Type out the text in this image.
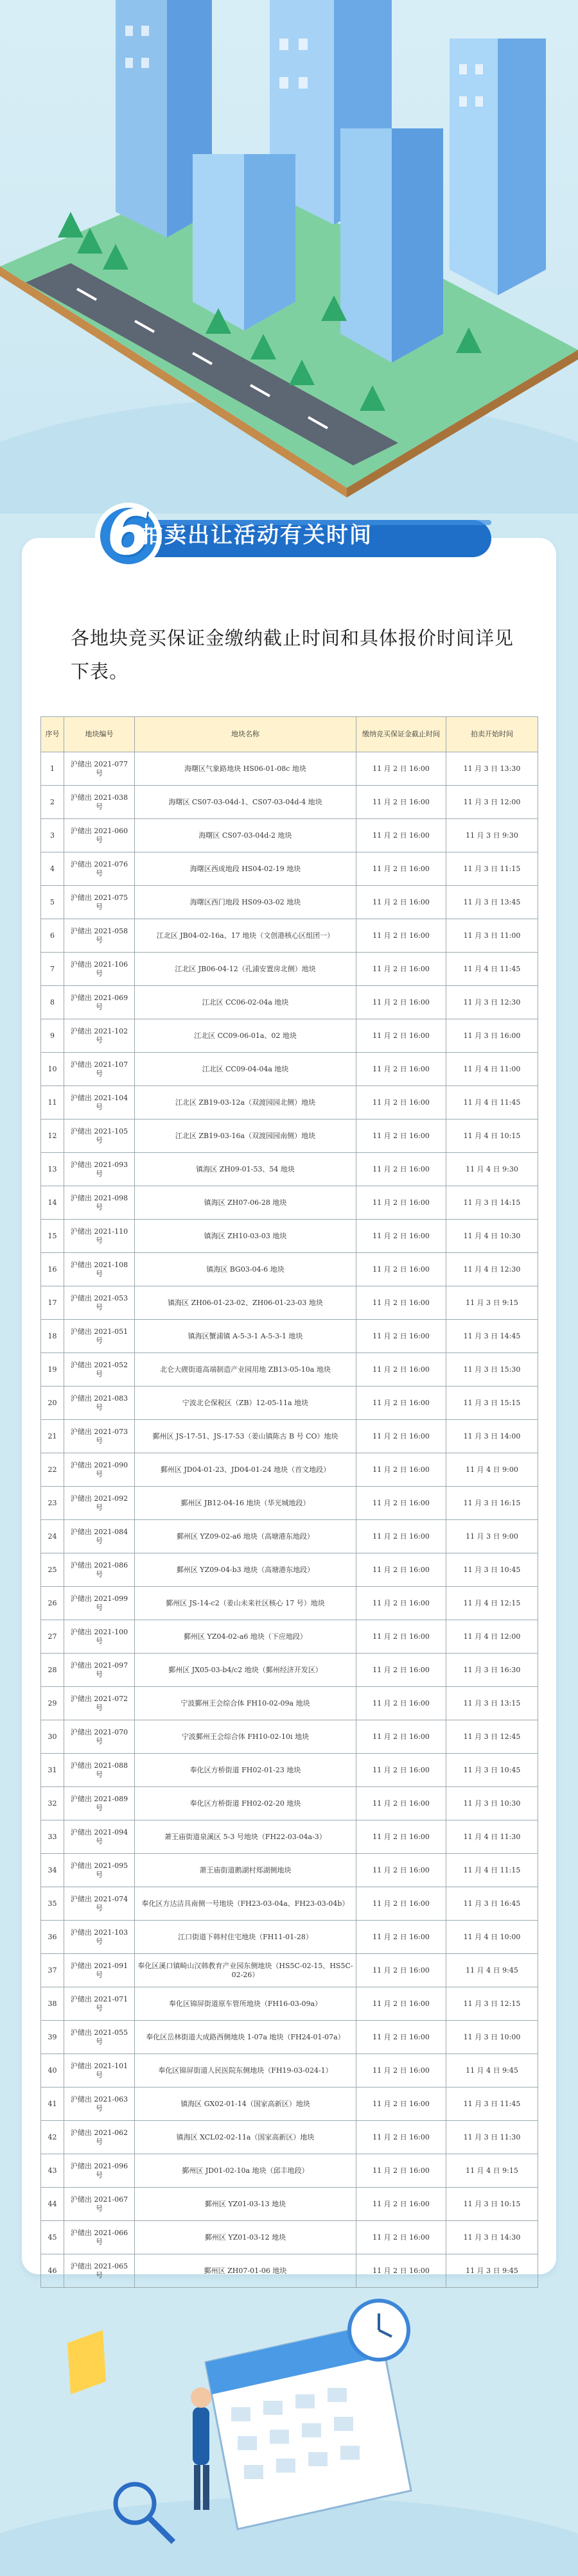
6
拍卖出让活动有关时间
各地块竞买保证金缴纳截止时间和具体报价时间详见下表。
序号	地块编号	地块名称	缴纳竞买保证金截止时间	拍卖开始时间
1	沪储出 2021-077 号	海曙区气象路地块 HS06-01-08c 地块	11 月 2 日 16:00	11 月 3 日 13:30
2	沪储出 2021-038 号	海曙区 CS07-03-04d-1、CS07-03-04d-4 地块	11 月 2 日 16:00	11 月 3 日 12:00
3	沪储出 2021-060 号	海曙区 CS07-03-04d-2 地块	11 月 2 日 16:00	11 月 3 日 9:30
4	沪储出 2021-076 号	海曙区西成地段 HS04-02-19 地块	11 月 2 日 16:00	11 月 3 日 11:15
5	沪储出 2021-075 号	海曙区西门地段 HS09-03-02 地块	11 月 2 日 16:00	11 月 3 日 13:45
6	沪储出 2021-058 号	江北区 JB04-02-16a、17 地块（文创港核心区组团一）	11 月 2 日 16:00	11 月 3 日 11:00
7	沪储出 2021-106 号	江北区 JB06-04-12（孔浦安置房北侧）地块	11 月 2 日 16:00	11 月 4 日 11:45
8	沪储出 2021-069 号	江北区 CC06-02-04a 地块	11 月 2 日 16:00	11 月 3 日 12:30
9	沪储出 2021-102 号	江北区 CC09-06-01a、02 地块	11 月 2 日 16:00	11 月 3 日 16:00
10	沪储出 2021-107 号	江北区 CC09-04-04a 地块	11 月 2 日 16:00	11 月 4 日 11:00
11	沪储出 2021-104 号	江北区 ZB19-03-12a（双渡园园北侧）地块	11 月 2 日 16:00	11 月 4 日 11:45
12	沪储出 2021-105 号	江北区 ZB19-03-16a（双渡园园南侧）地块	11 月 2 日 16:00	11 月 4 日 10:15
13	沪储出 2021-093 号	镇海区 ZH09-01-53、54 地块	11 月 2 日 16:00	11 月 4 日 9:30
14	沪储出 2021-098 号	镇海区 ZH07-06-28 地块	11 月 2 日 16:00	11 月 3 日 14:15
15	沪储出 2021-110 号	镇海区 ZH10-03-03 地块	11 月 2 日 16:00	11 月 4 日 10:30
16	沪储出 2021-108 号	镇海区 BG03-04-6 地块	11 月 2 日 16:00	11 月 4 日 12:30
17	沪储出 2021-053 号	镇海区 ZH06-01-23-02、ZH06-01-23-03 地块	11 月 2 日 16:00	11 月 3 日 9:15
18	沪储出 2021-051 号	镇海区蟹浦镇 A-5-3-1 A-5-3-1 地块	11 月 2 日 16:00	11 月 3 日 14:45
19	沪储出 2021-052 号	北仑大碶街道高端制造产业园用地 ZB13-05-10a 地块	11 月 2 日 16:00	11 月 3 日 15:30
20	沪储出 2021-083 号	宁波北仑保税区（ZB）12-05-11a 地块	11 月 2 日 16:00	11 月 3 日 15:15
21	沪储出 2021-073 号	鄞州区 JS-17-51、JS-17-53（姜山镇陈古 B 号 CO）地块	11 月 2 日 16:00	11 月 3 日 14:00
22	沪储出 2021-090 号	鄞州区 JD04-01-23、JD04-01-24 地块（首文地段）	11 月 2 日 16:00	11 月 4 日 9:00
23	沪储出 2021-092 号	鄞州区 JB12-04-16 地块（华光城地段）	11 月 2 日 16:00	11 月 3 日 16:15
24	沪储出 2021-084 号	鄞州区 YZ09-02-a6 地块（高塘港东地段）	11 月 2 日 16:00	11 月 3 日 9:00
25	沪储出 2021-086 号	鄞州区 YZ09-04-b3 地块（高塘港东地段）	11 月 2 日 16:00	11 月 3 日 10:45
26	沪储出 2021-099 号	鄞州区 JS-14-c2（姜山未来社区核心 17 号）地块	11 月 2 日 16:00	11 月 4 日 12:15
27	沪储出 2021-100 号	鄞州区 YZ04-02-a6 地块（下应地段）	11 月 2 日 16:00	11 月 4 日 12:00
28	沪储出 2021-097 号	鄞州区 JX05-03-b4/c2 地块（鄞州经济开发区）	11 月 2 日 16:00	11 月 3 日 16:30
29	沪储出 2021-072 号	宁波鄞州王会综合体 FH10-02-09a 地块	11 月 2 日 16:00	11 月 3 日 13:15
30	沪储出 2021-070 号	宁波鄞州王会综合体 FH10-02-10i 地块	11 月 2 日 16:00	11 月 3 日 12:45
31	沪储出 2021-088 号	奉化区方桥街道 FH02-01-23 地块	11 月 2 日 16:00	11 月 3 日 10:45
32	沪储出 2021-089 号	奉化区方桥街道 FH02-02-20 地块	11 月 2 日 16:00	11 月 3 日 10:30
33	沪储出 2021-094 号	萧王庙街道泉溪区 5-3 号地块（FH22-03-04a-3）	11 月 2 日 16:00	11 月 4 日 11:30
34	沪储出 2021-095 号	萧王庙街道鹅湖村郑湖侧地块	11 月 2 日 16:00	11 月 4 日 11:15
35	沪储出 2021-074 号	奉化区方达洁具南侧一号地块（FH23-03-04a、FH23-03-04b）	11 月 2 日 16:00	11 月 3 日 16:45
36	沪储出 2021-103 号	江口街道下韩村住宅地块（FH11-01-28）	11 月 2 日 16:00	11 月 4 日 10:00
37	沪储出 2021-091 号	奉化区溪口镇畸山汉韩教育产业园东侧地块（HS5C-02-15、HS5C-02-26）	11 月 2 日 16:00	11 月 4 日 9:45
38	沪储出 2021-071 号	奉化区锦屏街道原车管所地块（FH16-03-09a）	11 月 2 日 16:00	11 月 3 日 12:15
39	沪储出 2021-055 号	奉化区岳林街道大成路西侧地块 1-07a 地块（FH24-01-07a）	11 月 2 日 16:00	11 月 3 日 10:00
40	沪储出 2021-101 号	奉化区锦屏街道人民医院东侧地块（FH19-03-024-1）	11 月 2 日 16:00	11 月 4 日 9:45
41	沪储出 2021-063 号	镇海区 GX02-01-14（国家高新区）地块	11 月 2 日 16:00	11 月 3 日 11:45
42	沪储出 2021-062 号	镇海区 XCL02-02-11a（国家高新区）地块	11 月 2 日 16:00	11 月 3 日 11:30
43	沪储出 2021-096 号	鄞州区 JD01-02-10a 地块（邱丰地段）	11 月 2 日 16:00	11 月 4 日 9:15
44	沪储出 2021-067 号	鄞州区 YZ01-03-13 地块	11 月 2 日 16:00	11 月 3 日 10:15
45	沪储出 2021-066 号	鄞州区 YZ01-03-12 地块	11 月 2 日 16:00	11 月 3 日 14:30
46	沪储出 2021-065 号	鄞州区 ZH07-01-06 地块	11 月 2 日 16:00	11 月 3 日 9:45
